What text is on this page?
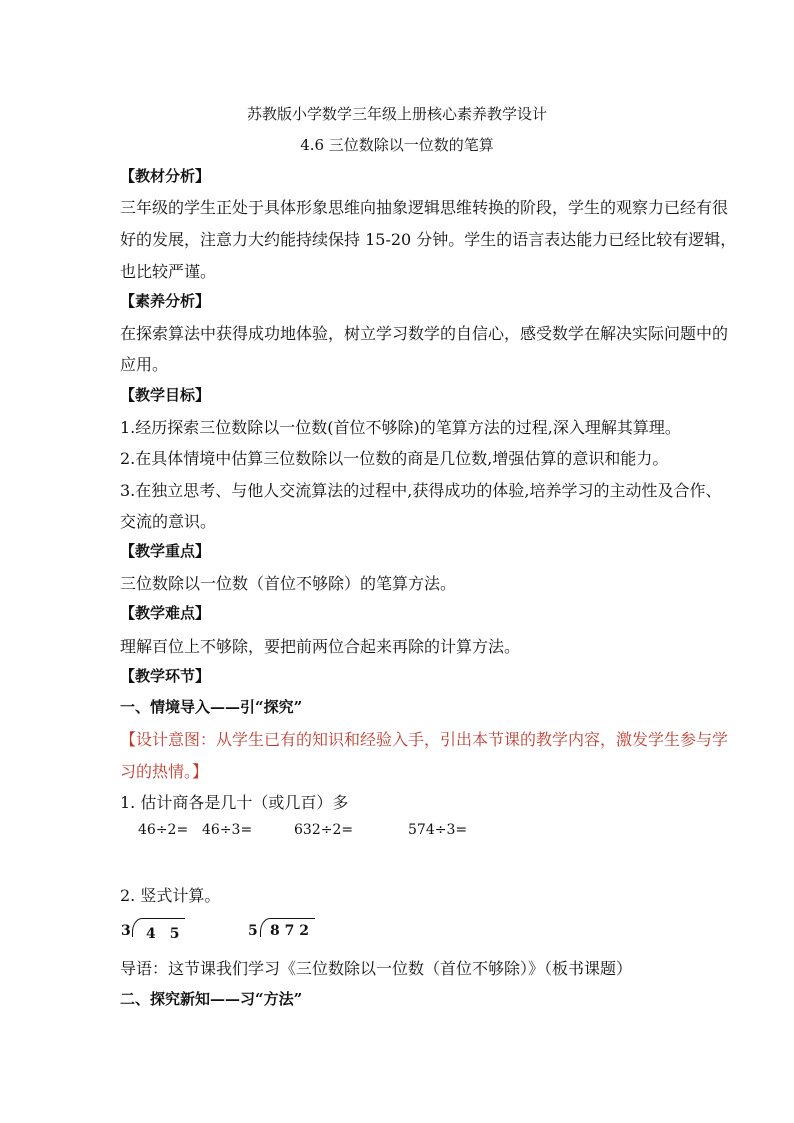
苏教版小学数学三年级上册核心素养教学设计
4.6 三位数除以一位数的笔算
【教材分析】
三年级的学生正处于具体形象思维向抽象逻辑思维转换的阶段，学生的观察力已经有很
好的发展，注意力大约能持续保持 15-20 分钟。学生的语言表达能力已经比较有逻辑，
也比较严谨。
【素养分析】
在探索算法中获得成功地体验，树立学习数学的自信心，感受数学在解决实际问题中的
应用。
【教学目标】
1.经历探索三位数除以一位数(首位不够除)的笔算方法的过程,深入理解其算理。
2.在具体情境中估算三位数除以一位数的商是几位数,增强估算的意识和能力。
3.在独立思考、与他人交流算法的过程中,获得成功的体验,培养学习的主动性及合作、
交流的意识。
【教学重点】
三位数除以一位数（首位不够除）的笔算方法。
【教学难点】
理解百位上不够除，要把前两位合起来再除的计算方法。
【教学环节】
一、情境导入——引“探究”
【设计意图：从学生已有的知识和经验入手，引出本节课的教学内容，激发学生参与学
习的热情。】
1. 估计商各是几十（或几百）多
46÷2= 46÷3=	632÷2=	574÷3=
2. 竖式计算。
3 4　5	5 8 7 2
导语：这节课我们学习《三位数除以一位数（首位不够除）》（板书课题）
二、探究新知——习“方法”
